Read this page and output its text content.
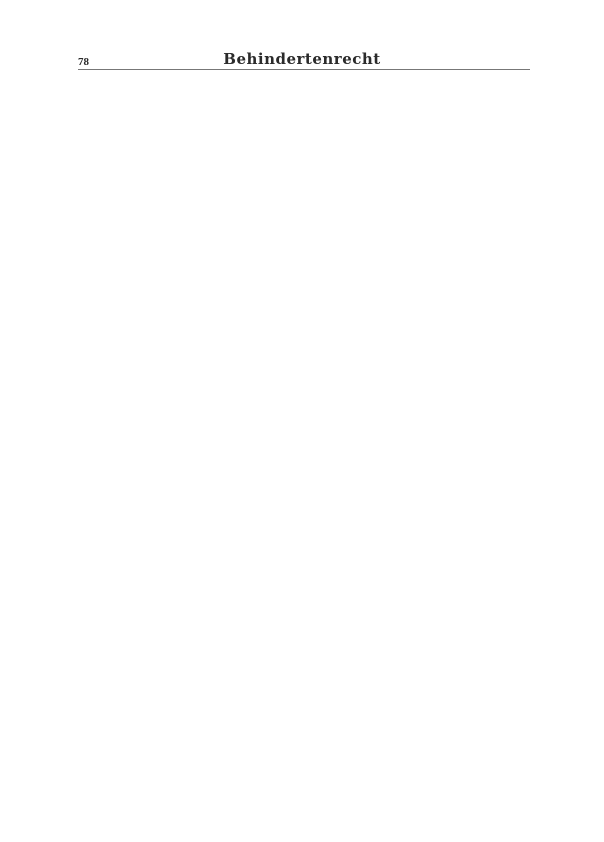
78	Behindertenrecht
